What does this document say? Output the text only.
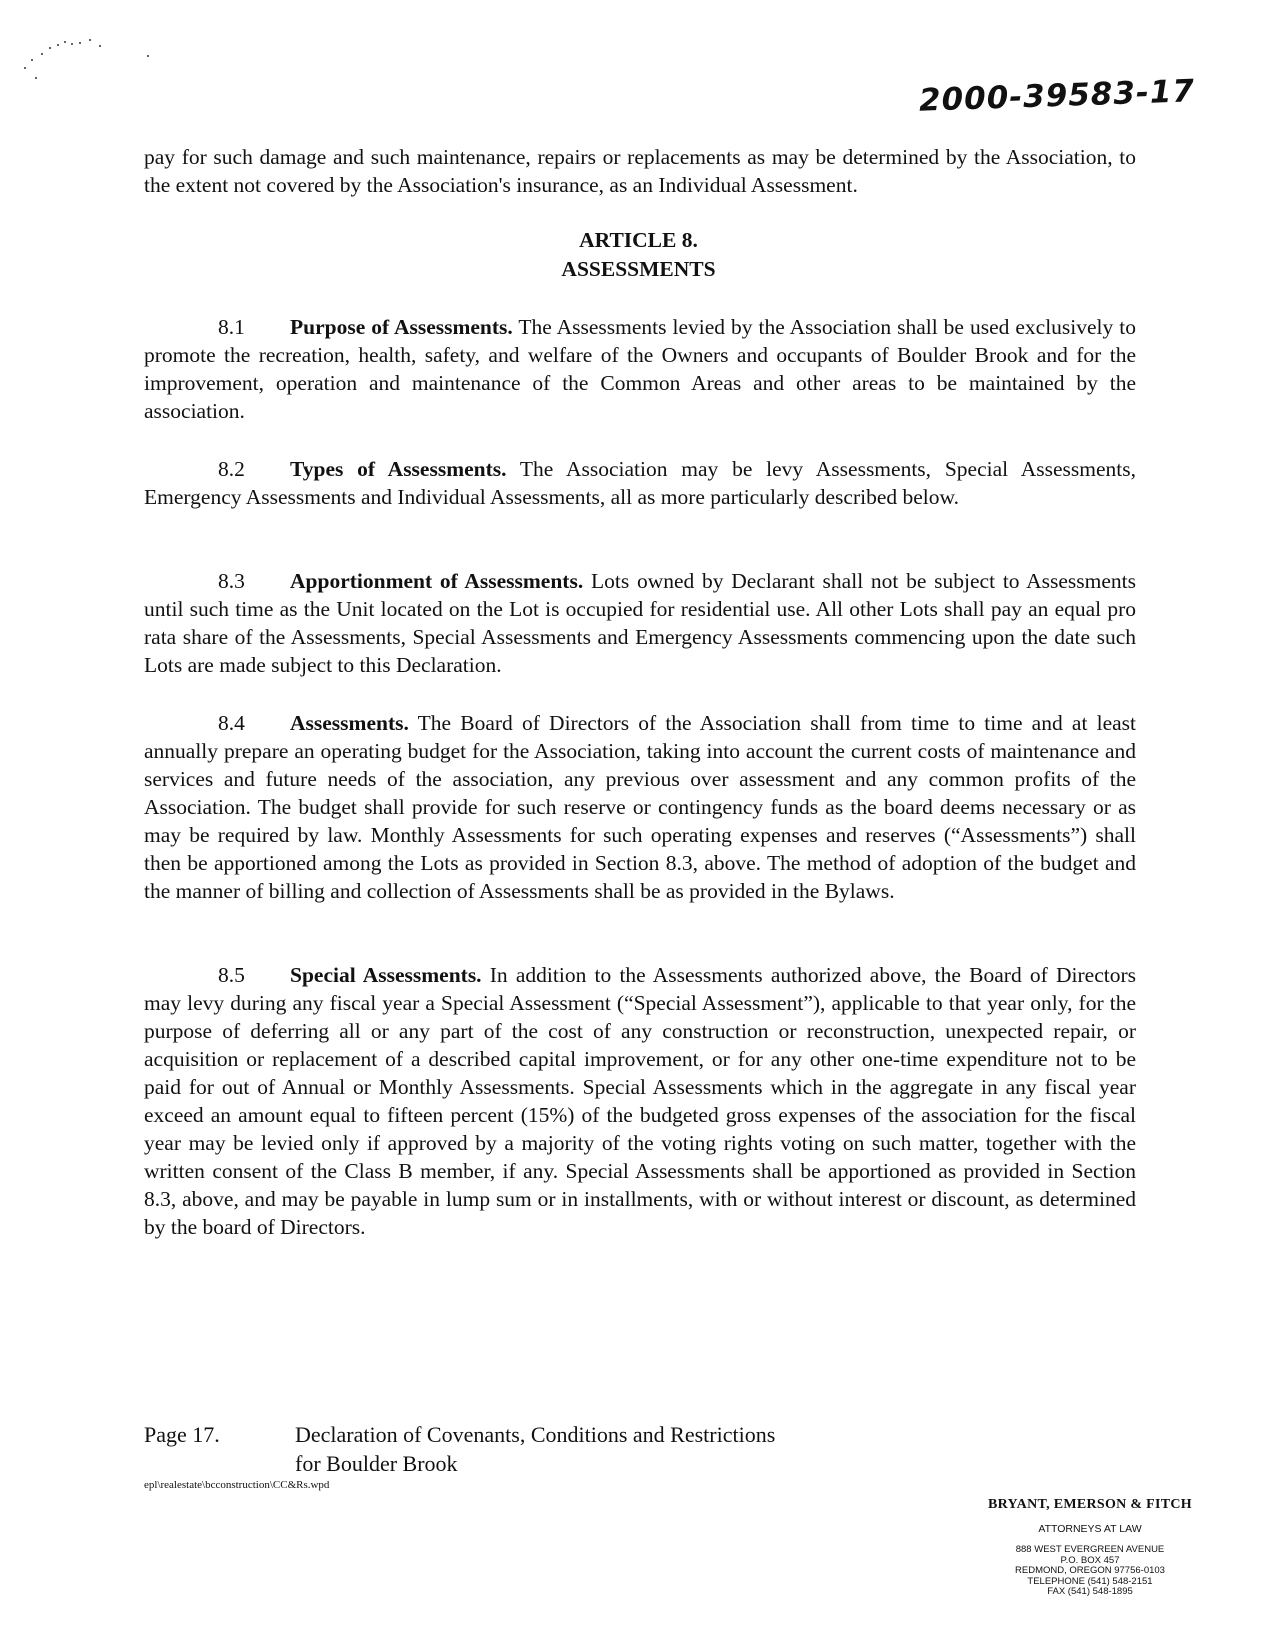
2000-39583-17

pay for such damage and such maintenance, repairs or replacements as may be determined by the Association, to the extent not covered by the Association's insurance, as an Individual Assessment.

ARTICLE 8.
ASSESSMENTS

8.1 Purpose of Assessments. The Assessments levied by the Association shall be used exclusively to promote the recreation, health, safety, and welfare of the Owners and occupants of Boulder Brook and for the improvement, operation and maintenance of the Common Areas and other areas to be maintained by the association.

8.2 Types of Assessments. The Association may be levy Assessments, Special Assessments, Emergency Assessments and Individual Assessments, all as more particularly described below.

8.3 Apportionment of Assessments. Lots owned by Declarant shall not be subject to Assessments until such time as the Unit located on the Lot is occupied for residential use. All other Lots shall pay an equal pro rata share of the Assessments, Special Assessments and Emergency Assessments commencing upon the date such Lots are made subject to this Declaration.

8.4 Assessments. The Board of Directors of the Association shall from time to time and at least annually prepare an operating budget for the Association, taking into account the current costs of maintenance and services and future needs of the association, any previous over assessment and any common profits of the Association. The budget shall provide for such reserve or contingency funds as the board deems necessary or as may be required by law. Monthly Assessments for such operating expenses and reserves (“Assessments”) shall then be apportioned among the Lots as provided in Section 8.3, above. The method of adoption of the budget and the manner of billing and collection of Assessments shall be as provided in the Bylaws.

8.5 Special Assessments. In addition to the Assessments authorized above, the Board of Directors may levy during any fiscal year a Special Assessment (“Special Assessment”), applicable to that year only, for the purpose of deferring all or any part of the cost of any construction or reconstruction, unexpected repair, or acquisition or replacement of a described capital improvement, or for any other one-time expenditure not to be paid for out of Annual or Monthly Assessments. Special Assessments which in the aggregate in any fiscal year exceed an amount equal to fifteen percent (15%) of the budgeted gross expenses of the association for the fiscal year may be levied only if approved by a majority of the voting rights voting on such matter, together with the written consent of the Class B member, if any. Special Assessments shall be apportioned as provided in Section 8.3, above, and may be payable in lump sum or in installments, with or without interest or discount, as determined by the board of Directors.

Page 17.	Declaration of Covenants, Conditions and Restrictions
for Boulder Brook
epl\realestate\bcconstruction\CC&Rs.wpd
BRYANT, EMERSON & FITCH
ATTORNEYS AT LAW
888 WEST EVERGREEN AVENUE
P.O. BOX 457
REDMOND, OREGON 97756-0103
TELEPHONE (541) 548-2151
FAX (541) 548-1895
